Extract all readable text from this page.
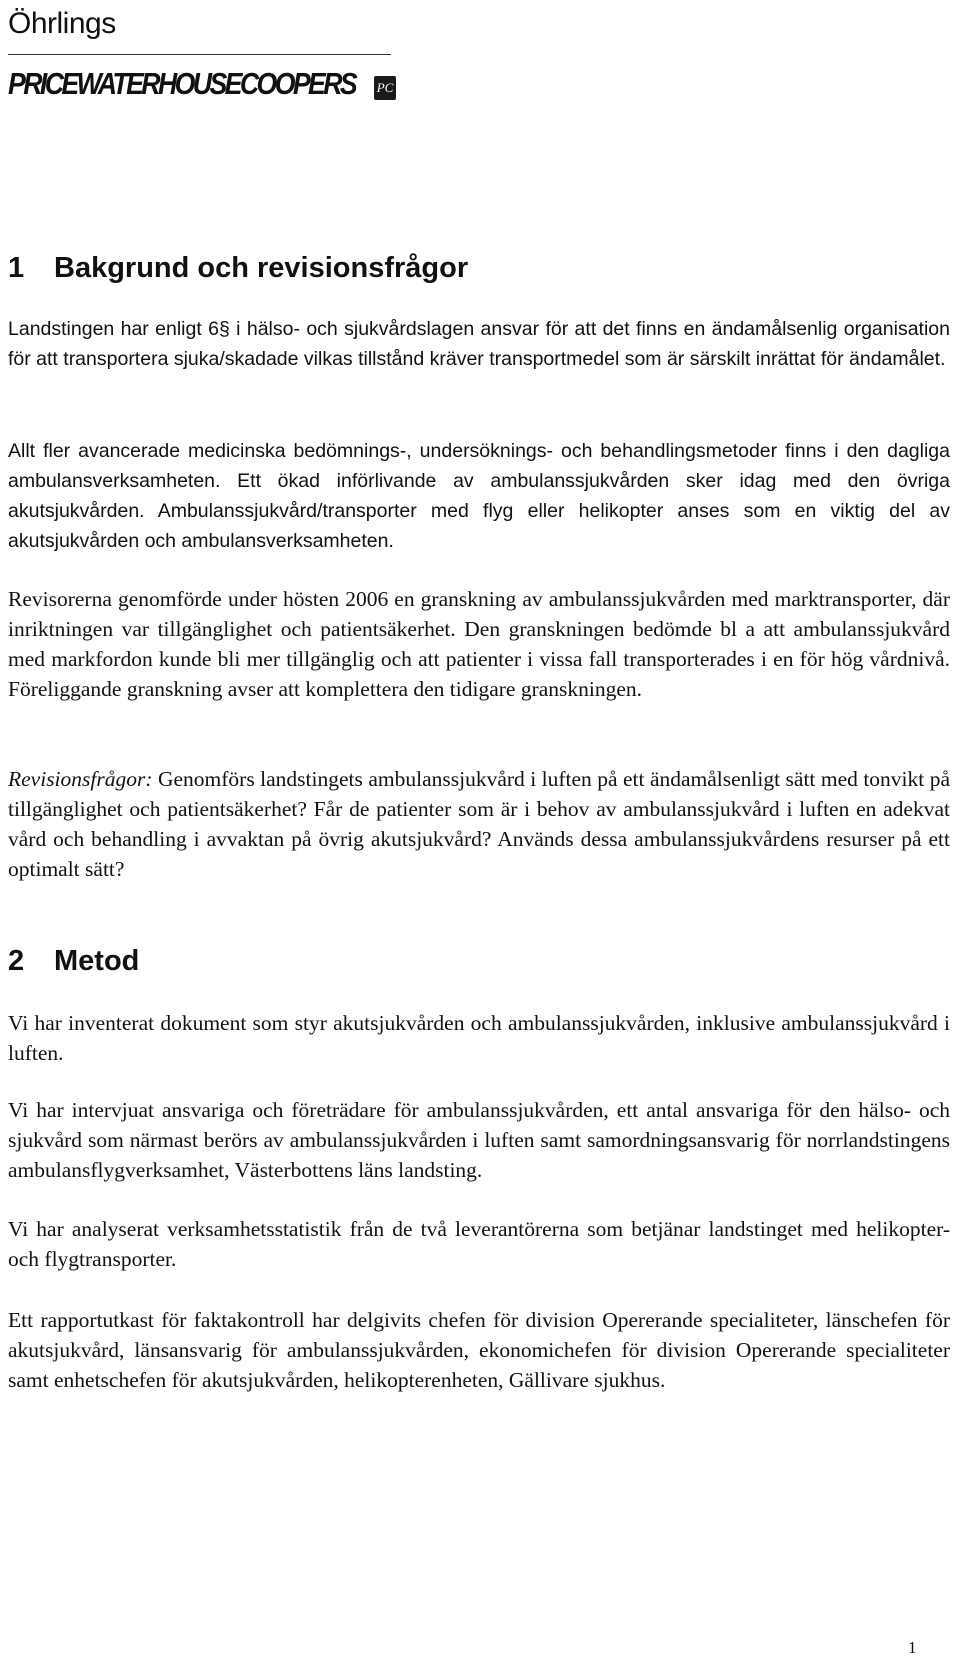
Öhrlings
PRICEWATERHOUSECOOPERS PC
1 Bakgrund och revisionsfrågor

Landstingen har enligt 6§ i hälso- och sjukvårdslagen ansvar för att det finns en ändamålsenlig organisation för att transportera sjuka/skadade vilkas tillstånd kräver transportmedel som är särskilt inrättat för ändamålet.

Allt fler avancerade medicinska bedömnings-, undersöknings- och behandlingsmetoder finns i den dagliga ambulansverksamheten. Ett ökad införlivande av ambulanssjukvården sker idag med den övriga akutsjukvården. Ambulanssjukvård/transporter med flyg eller helikopter anses som en viktig del av akutsjukvården och ambulansverksamheten.

Revisorerna genomförde under hösten 2006 en granskning av ambulanssjukvården med marktransporter, där inriktningen var tillgänglighet och patientsäkerhet. Den granskningen bedömde bl a att ambulanssjukvård med markfordon kunde bli mer tillgänglig och att patienter i vissa fall transporterades i en för hög vårdnivå. Föreliggande granskning avser att komplettera den tidigare granskningen.

Revisionsfrågor: Genomförs landstingets ambulanssjukvård i luften på ett ändamålsenligt sätt med tonvikt på tillgänglighet och patientsäkerhet? Får de patienter som är i behov av ambulanssjukvård i luften en adekvat vård och behandling i avvaktan på övrig akutsjukvård? Används dessa ambulanssjukvårdens resurser på ett optimalt sätt?

2 Metod

Vi har inventerat dokument som styr akutsjukvården och ambulanssjukvården, inklusive ambulanssjukvård i luften.

Vi har intervjuat ansvariga och företrädare för ambulanssjukvården, ett antal ansvariga för den hälso- och sjukvård som närmast berörs av ambulanssjukvården i luften samt samordningsansvarig för norrlandstingens ambulansflygverksamhet, Västerbottens läns landsting.

Vi har analyserat verksamhetsstatistik från de två leverantörerna som betjänar landstinget med helikopter- och flygtransporter.

Ett rapportutkast för faktakontroll har delgivits chefen för division Opererande specialiteter, länschefen för akutsjukvård, länsansvarig för ambulanssjukvården, ekonomichefen för division Opererande specialiteter samt enhetschefen för akutsjukvården, helikopterenheten, Gällivare sjukhus.

1
